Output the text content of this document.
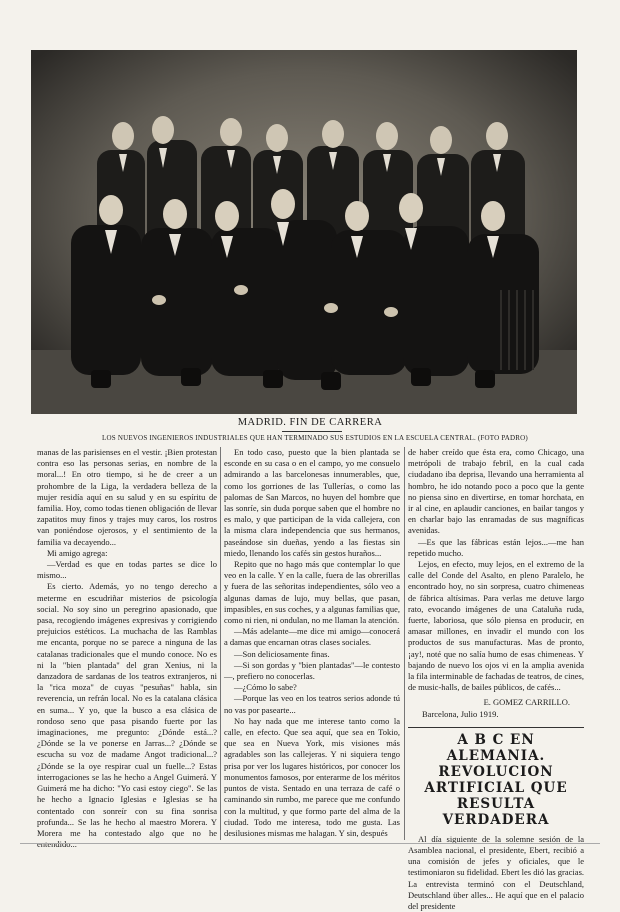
MADRID. FIN DE CARRERA
LOS NUEVOS INGENIEROS INDUSTRIALES QUE HAN TERMINADO SUS ESTUDIOS EN LA ESCUELA CENTRAL. (FOTO PADRO)

manas de las parisienses en el vestir. ¡Bien protestan contra eso las personas serias, en nombre de la moral...! En otro tiempo, si he de creer a un prohombre de la Liga, la verdadera belleza de la mujer residía aquí en su salud y en su espíritu de familia. Hoy, como todas tienen obligación de llevar zapatitos muy finos y trajes muy caros, los rostros van poniéndose ojerosos, y el sentimiento de la familia va decayendo...

Mi amigo agrega:

—Verdad es que en todas partes se dice lo mismo...

Es cierto. Además, yo no tengo derecho a meterme en escudriñar misterios de psicología social. No soy sino un peregrino apasionado, que pasa, recogiendo imágenes expresivas y corrigiendo prejuicios estéticos. La muchacha de las Ramblas me encanta, porque no se parece a ninguna de las catalanas tradicionales que el mundo conoce. No es ni la "bien plantada" del gran Xenius, ni la danzadora de sardanas de los teatros extranjeros, ni la "rica moza" de cuyas "pesuñas" habla, sin reverencia, un refrán local. No es la catalana clásica en suma... Y yo, que la busco a esa clásica de rondoso seno que pasa pisando fuerte por las imaginaciones, me pregunto: ¿Dónde está...? ¿Dónde se la ve ponerse en Jarras...? ¿Dónde se escucha su voz de madame Angot tradicional...? ¿Dónde se la oye respirar cual un fuelle...? Estas interrogaciones se las he hecho a Angel Guimerá. Y Guimerá me ha dicho: "Yo casi estoy ciego". Se las he hecho a Ignacio Iglesias e Iglesias se ha contentado con sonreír con su fina sonrisa profunda... Se las he hecho al maestro Morera. Y Morera me ha contestado algo que no he entendido...

En todo caso, puesto que la bien plantada se esconde en su casa o en el campo, yo me consuelo admirando a las barcelonesas innumerables, que, como los gorriones de las Tullerías, o como las palomas de San Marcos, no huyen del hombre que las sonríe, sin duda porque saben que el hombre no es malo, y que participan de la vida callejera, con la misma clara independencia que sus hermanos, paseándose sin dueñas, yendo a las fiestas sin miedo, llenando los cafés sin gestos huraños...

Repito que no hago más que contemplar lo que veo en la calle. Y en la calle, fuera de las obrerillas y fuera de las señoritas independientes, sólo veo a algunas damas de lujo, muy bellas, que pasan, impasibles, en sus coches, y a algunas familias que, como ni rien, ni ondulan, no me llaman la atención.

—Más adelante—me dice mi amigo—conocerá a damas que encarnan otras clases sociales.

—Son deliciosamente finas.

—Si son gordas y "bien plantadas"—le contesto—, prefiero no conocerlas.

—¿Cómo lo sabe?

—Porque las veo en los teatros serios adonde tú no vas por pasearte...

No hay nada que me interese tanto como la calle, en efecto. Que sea aquí, que sea en Tokio, que sea en Nueva York, mis visiones más agradables son las callejeras. Y ni siquiera tengo prisa por ver los lugares históricos, por conocer los monumentos famosos, por enterarme de los méritos puntos de vista. Sentado en una terraza de café o caminando sin rumbo, me parece que me confundo con la multitud, y que formo parte del alma de la ciudad. Todo me interesa, todo me gusta. Las desilusiones mismas me halagan. Y sin, después

de haber creído que ésta era, como Chicago, una metrópoli de trabajo febril, en la cual cada ciudadano iba deprisa, llevando una herramienta al hombro, he ido notando poco a poco que la gente no piensa sino en divertirse, en tomar horchata, en ir al cine, en aplaudir canciones, en bailar tangos y en charlar bajo las enramadas de sus magníficas avenidas.

—Es que las fábricas están lejos...—me han repetido mucho.

Lejos, en efecto, muy lejos, en el extremo de la calle del Conde del Asalto, en pleno Paralelo, he encontrado hoy, no sin sorpresa, cuatro chimeneas de fábrica altísimas. Para verlas me detuve largo rato, evocando imágenes de una Cataluña ruda, fuerte, laboriosa, que sólo piensa en producir, en amasar millones, en invadir el mundo con los productos de sus manufacturas. Mas de pronto, ¡ay!, noté que no salía humo de esas chimeneas. Y bajando de nuevo los ojos vi en la amplia avenida la fila interminable de fachadas de teatros, de cines, de music-halls, de bailes públicos, de cafés...

E. GOMEZ CARRILLO.
Barcelona, Julio 1919.
A B C EN ALEMANIA. REVOLUCION ARTIFICIAL QUE RESULTA VERDADERA

Al día siguiente de la solemne sesión de la Asamblea nacional, el presidente, Ebert, recibió a una comisión de jefes y oficiales, que le testimoniaron su fidelidad. Ebert les dió las gracias. La entrevista terminó con el Deutschland, Deutschland über alles... He aquí que en el palacio del presidente
